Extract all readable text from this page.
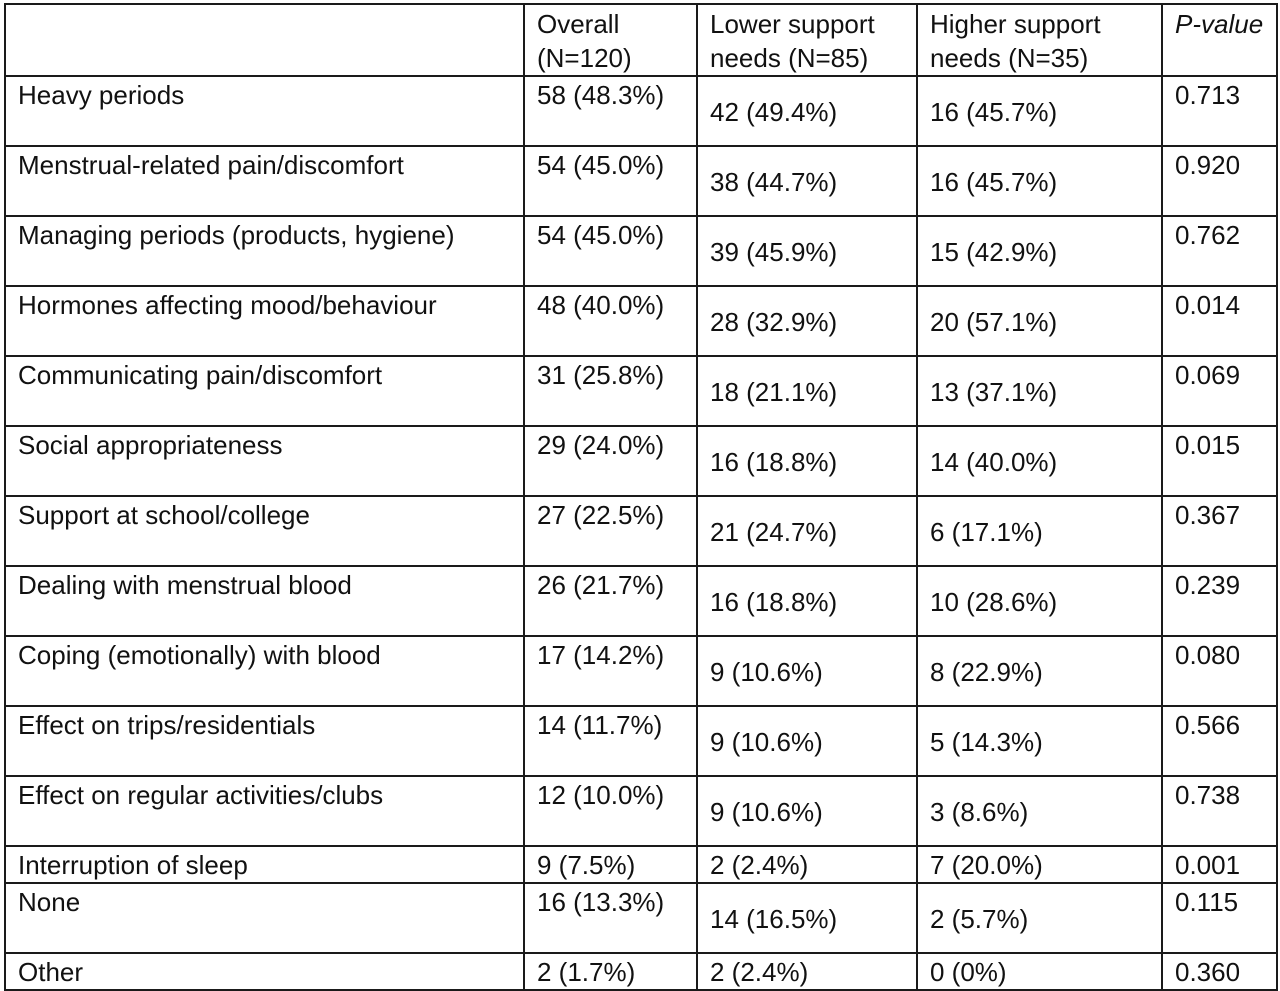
	Overall (N=120)	Lower support needs (N=85)	Higher support needs (N=35)	P-value
Heavy periods	58 (48.3%)	42 (49.4%)	16 (45.7%)	0.713
Menstrual-related pain/discomfort	54 (45.0%)	38 (44.7%)	16 (45.7%)	0.920
Managing periods (products, hygiene)	54 (45.0%)	39 (45.9%)	15 (42.9%)	0.762
Hormones affecting mood/behaviour	48 (40.0%)	28 (32.9%)	20 (57.1%)	0.014
Communicating pain/discomfort	31 (25.8%)	18 (21.1%)	13 (37.1%)	0.069
Social appropriateness	29 (24.0%)	16 (18.8%)	14 (40.0%)	0.015
Support at school/college	27 (22.5%)	21 (24.7%)	6 (17.1%)	0.367
Dealing with menstrual blood	26 (21.7%)	16 (18.8%)	10 (28.6%)	0.239
Coping (emotionally) with blood	17 (14.2%)	9 (10.6%)	8 (22.9%)	0.080
Effect on trips/residentials	14 (11.7%)	9 (10.6%)	5 (14.3%)	0.566
Effect on regular activities/clubs	12 (10.0%)	9 (10.6%)	3 (8.6%)	0.738
Interruption of sleep	9 (7.5%)	2 (2.4%)	7 (20.0%)	0.001
None	16 (13.3%)	14 (16.5%)	2 (5.7%)	0.115
Other	2 (1.7%)	2 (2.4%)	0 (0%)	0.360
